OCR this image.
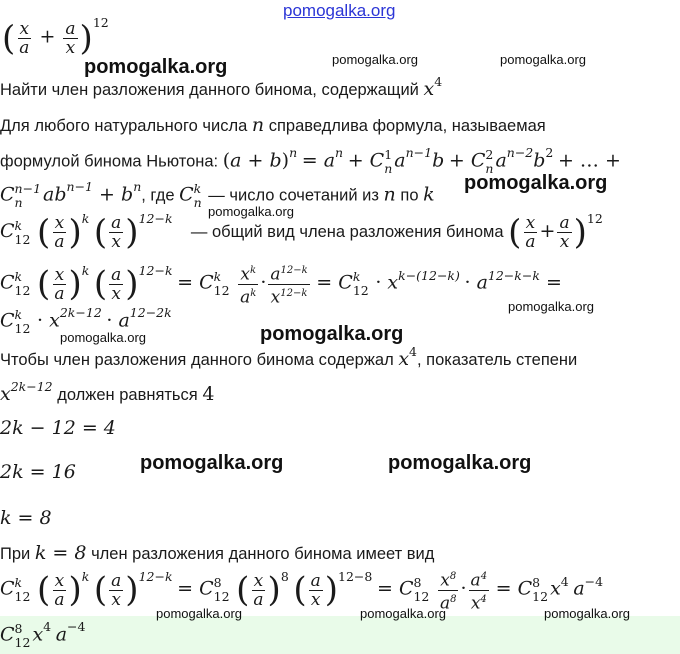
pomogalka.org
( $\frac{x}{a} + \frac{a}{x} )^{12}$
pomogalka.org	pomogalka.org	pomogalka.org
Найти член разложения данного бинома, содержащий $x^4$
Для любого натурального числа n справедлива формула, называемая
формулой бинома Ньютона: $(a + b)^n = a^n + C$ 1
n $a^{n-1}b + C$ 2
n $a^{n-2}b^2$ + … +
C n−1
n	$ab^{n-1} + b^n$, где C k
n — число сочетаний из n по k
pomogalka.org
pomogalka.org
C k
12 ( $\frac{x}{a} )^k$ ( $\frac{a}{x} )^{12-k}$    — общий вид члена разложения бинома ( $\frac{x}{a} + \frac{a}{x} )^{12}$
C k
12 ( $\frac{x}{a} )^k$ ( $\frac{a}{x} )^{12-k} = C$ k
12
$\frac{x^k}{a^k} \cdot \frac{a^{12-k}}{x^{12-k}} = C$ k
$12 \cdot x^{k-(12-k)} \cdot a^{12-k-k}$ =
C k
$12 \cdot x^{2k-12} \cdot a^{12-2k}$	pomogalka.org
pomogalka.org	pomogalka.org
Чтобы член разложения данного бинома содержал $x^4$, показатель степени
$x^{2k-12}$ должен равняться 4
2k − 12 = 4
2k = 16	pomogalka.org	pomogalka.org
k = 8
При k = 8 член разложения данного бинома имеет вид
C k
12 ( $\frac{x}{a} )^k$ ( $\frac{a}{x} )^{12-k} = C$ 8
12 ( $\frac{x}{a} )^8$ ( $\frac{a}{x} )^{12-8} = C$ 8
12
$\frac{x^8}{a^8} \cdot \frac{a^4}{x^4} = C$ 8
12 $x^4$ $a^{-4}$
pomogalka.org	pomogalka.org	pomogalka.org
C 8
12 $x^4$ $a^{-4}$
